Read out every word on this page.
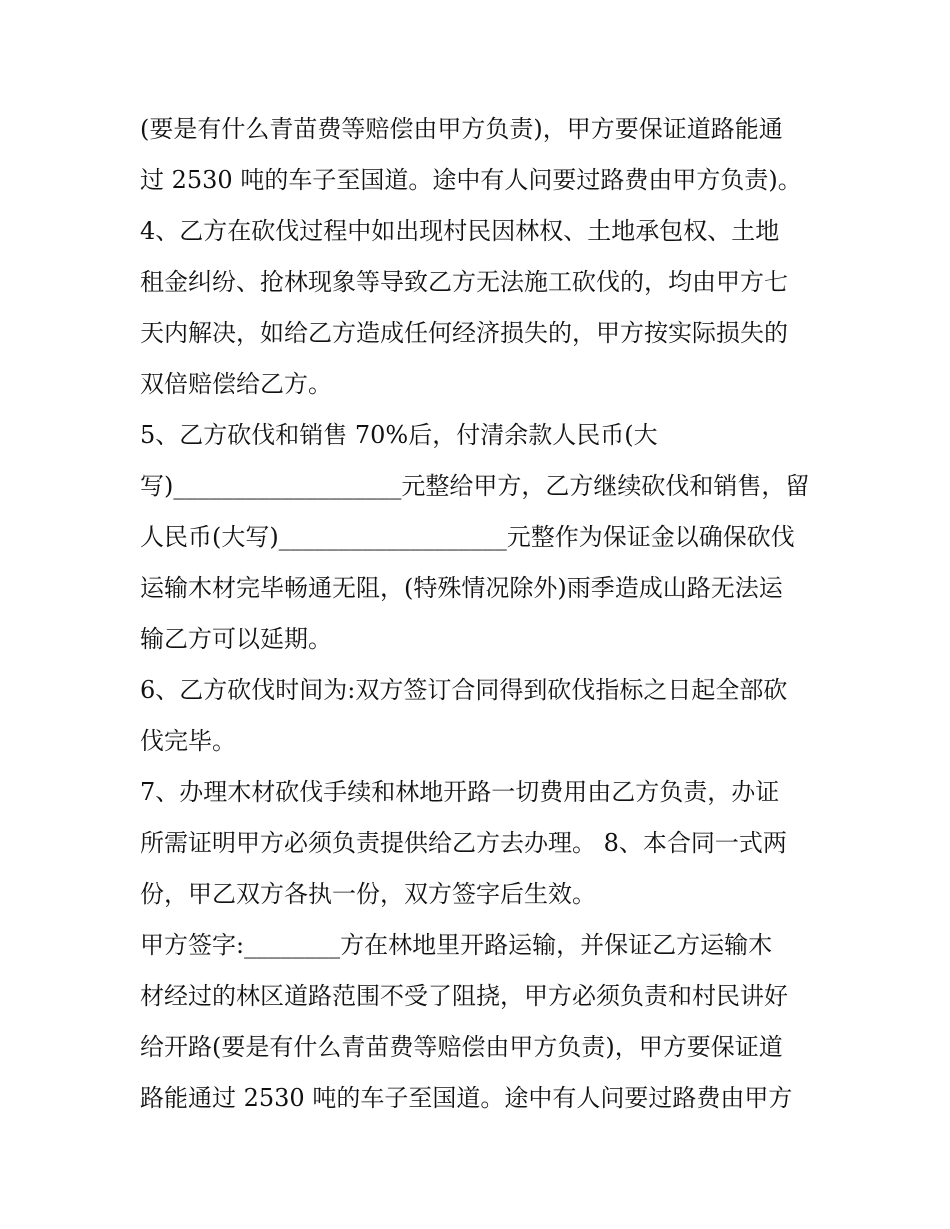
(要是有什么青苗费等赔偿由甲方负责)，甲方要保证道路能通
过 2530 吨的车子至国道。途中有人问要过路费由甲方负责)。
4、乙方在砍伐过程中如出现村民因林权、土地承包权、土地
租金纠纷、抢林现象等导致乙方无法施工砍伐的，均由甲方七
天内解决，如给乙方造成任何经济损失的，甲方按实际损失的
双倍赔偿给乙方。
5、乙方砍伐和销售 70%后，付清余款人民币(大
写)___________________元整给甲方，乙方继续砍伐和销售，留
人民币(大写)___________________元整作为保证金以确保砍伐
运输木材完毕畅通无阻，(特殊情况除外)雨季造成山路无法运
输乙方可以延期。
6、乙方砍伐时间为:双方签订合同得到砍伐指标之日起全部砍
伐完毕。
7、办理木材砍伐手续和林地开路一切费用由乙方负责，办证
所需证明甲方必须负责提供给乙方去办理。 8、本合同一式两
份，甲乙双方各执一份，双方签字后生效。
甲方签字:________方在林地里开路运输，并保证乙方运输木
材经过的林区道路范围不受了阻挠，甲方必须负责和村民讲好
给开路(要是有什么青苗费等赔偿由甲方负责)，甲方要保证道
路能通过 2530 吨的车子至国道。途中有人问要过路费由甲方
